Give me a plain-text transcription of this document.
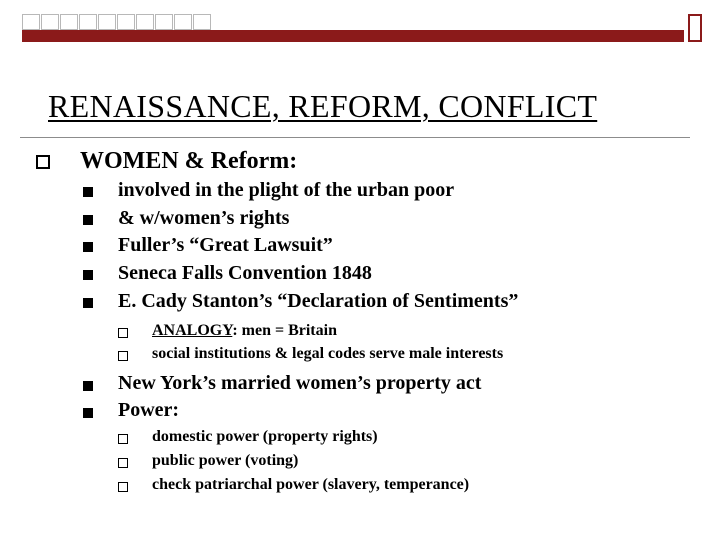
RENAISSANCE, REFORM, CONFLICT
WOMEN & Reform:
involved in the plight of the urban poor
& w/women’s rights
Fuller’s “Great Lawsuit”
Seneca Falls Convention 1848
E. Cady Stanton’s “Declaration of Sentiments”
ANALOGY: men = Britain
social institutions & legal codes serve male interests
New York’s married women’s property act
Power:
domestic power (property rights)
public power (voting)
check patriarchal power (slavery, temperance)
